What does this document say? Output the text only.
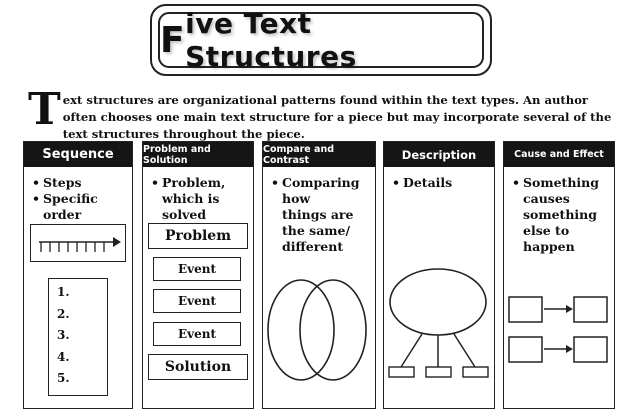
F ive Text Structures
Text structures are organizational patterns found within the text types. An author often chooses one main text structure for a piece but may incorporate several of the text structures throughout the piece.
Sequence
• Steps
• Specific order
1.
2.
3.
4.
5.
Problem and Solution
• Problem, which is solved
Problem
Event
Event
Event
Solution
Compare and Contrast
• Comparing how things are the same/ different
Description
• Details
Cause and Effect
• Something causes something else to happen
